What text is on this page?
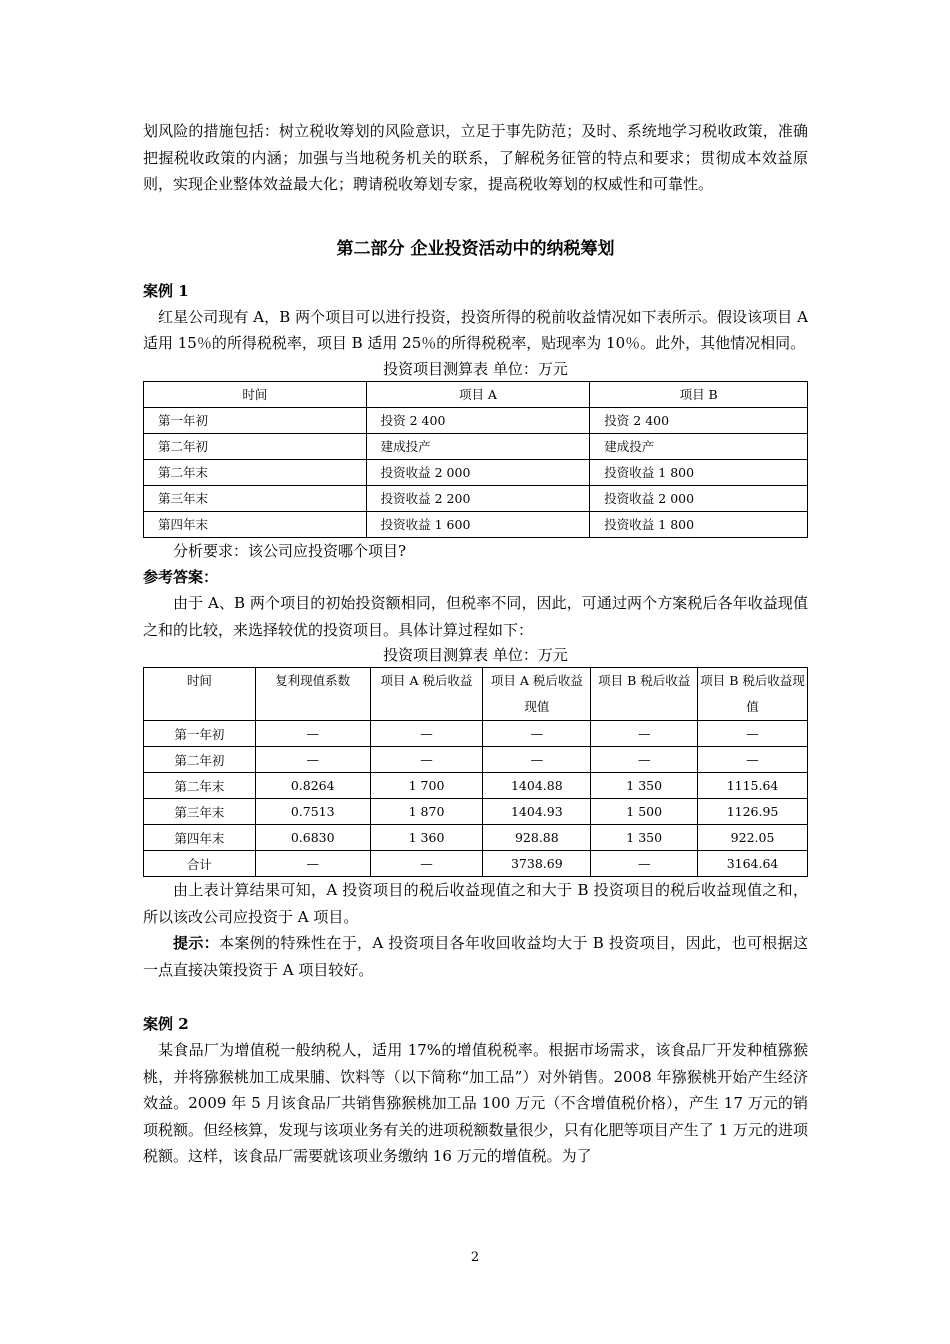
划风险的措施包括：树立税收筹划的风险意识，立足于事先防范；及时、系统地学习税收政策，准确把握税收政策的内涵；加强与当地税务机关的联系，了解税务征管的特点和要求；贯彻成本效益原则，实现企业整体效益最大化；聘请税收筹划专家，提高税收筹划的权威性和可靠性。

第二部分 企业投资活动中的纳税筹划
案例 1

红星公司现有 A，B 两个项目可以进行投资，投资所得的税前收益情况如下表所示。假设该项目 A 适用 15％的所得税税率，项目 B 适用 25％的所得税税率，贴现率为 10％。此外，其他情况相同。

投资项目测算表 单位：万元
时间	项目 A	项目 B
第一年初	投资 2 400	投资 2 400
第二年初	建成投产	建成投产
第二年末	投资收益 2 000	投资收益 1 800
第三年末	投资收益 2 200	投资收益 2 000
第四年末	投资收益 1 600	投资收益 1 800

分析要求：该公司应投资哪个项目?

参考答案：

由于 A、B 两个项目的初始投资额相同，但税率不同，因此，可通过两个方案税后各年收益现值之和的比较，来选择较优的投资项目。具体计算过程如下：

投资项目测算表 单位：万元
时间	复利现值系数	项目 A 税后收益	项目 A 税后收益现值	项目 B 税后收益	项目 B 税后收益现值
第一年初	—	—	—	—	—
第二年初	—	—	—	—	—
第二年末	0.8264	1 700	1404.88	1 350	1115.64
第三年末	0.7513	1 870	1404.93	1 500	1126.95
第四年末	0.6830	1 360	928.88	1 350	922.05
合计	—	—	3738.69	—	3164.64

由上表计算结果可知，A 投资项目的税后收益现值之和大于 B 投资项目的税后收益现值之和，所以该改公司应投资于 A 项目。

提示：本案例的特殊性在于，A 投资项目各年收回收益均大于 B 投资项目，因此，也可根据这一点直接决策投资于 A 项目较好。

案例 2

某食品厂为增值税一般纳税人，适用 17%的增值税税率。根据市场需求，该食品厂开发种植猕猴桃，并将猕猴桃加工成果脯、饮料等（以下简称“加工品”）对外销售。2008 年猕猴桃开始产生经济效益。2009 年 5 月该食品厂共销售猕猴桃加工品 100 万元（不含增值税价格），产生 17 万元的销项税额。但经核算，发现与该项业务有关的进项税额数量很少，只有化肥等项目产生了 1 万元的进项税额。这样，该食品厂需要就该项业务缴纳 16 万元的增值税。为了

2
